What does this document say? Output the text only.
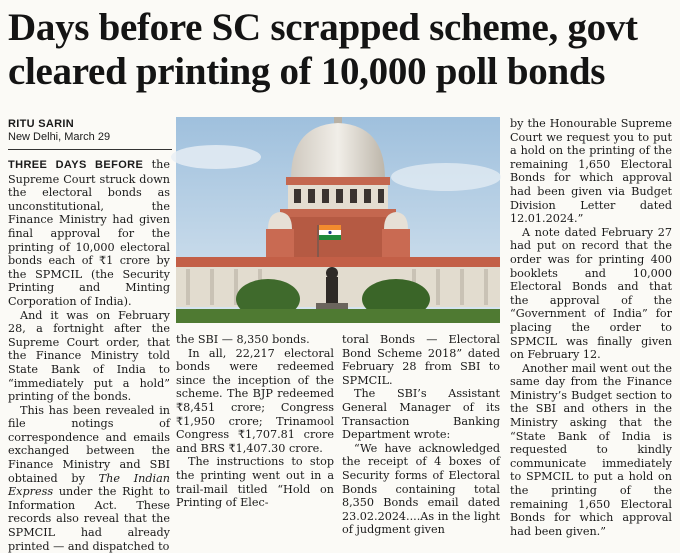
Days before SC scrapped scheme, govt
cleared printing of 10,000 poll bonds
RITU SARIN
New Delhi, March 29

THREE DAYS BEFORE the Supreme Court struck down the electoral bonds as unconstitutional, the Finance Ministry had given final approval for the printing of 10,000 electoral bonds each of ₹1 crore by the SPMCIL (the Security Printing and Minting Corporation of India).

And it was on February 28, a fortnight after the Supreme Court order, that the Finance Ministry told State Bank of India to “immediately put a hold” printing of the bonds.

This has been revealed in file notings of correspondence and emails exchanged between the Finance Ministry and SBI obtained by The Indian Express under the Right to Information Act. These records also reveal that the SPMCIL had already printed — and dispatched to

the SBI — 8,350 bonds.

In all, 22,217 electoral bonds were redeemed since the inception of the scheme. The BJP redeemed ₹8,451 crore; Congress ₹1,950 crore; Trinamool Congress ₹1,707.81 crore and BRS ₹1,407.30 crore.

The instructions to stop the printing went out in a trail-mail titled “Hold on Printing of Elec-

toral Bonds — Electoral Bond Scheme 2018” dated February 28 from SBI to SPMCIL.

The SBI’s Assistant General Manager of its Transaction Banking Department wrote:

“We have acknowledged the receipt of 4 boxes of Security forms of Electoral Bonds containing total 8,350 Bonds email dated 23.02.2024....As in the light of judgment given

by the Honourable Supreme Court we request you to put a hold on the printing of the remaining 1,650 Electoral Bonds for which approval had been given via Budget Division Letter dated 12.01.2024.”

A note dated February 27 had put on record that the order was for printing 400 booklets and 10,000 Electoral Bonds and that the approval of the “Government of India” for placing the order to SPMCIL was finally given on February 12.

Another mail went out the same day from the Finance Ministry’s Budget section to the SBI and others in the Ministry asking that the “State Bank of India is requested to kindly communicate immediately to SPMCIL to put a hold on the printing of the remaining 1,650 Electoral Bonds for which approval had been given.”
